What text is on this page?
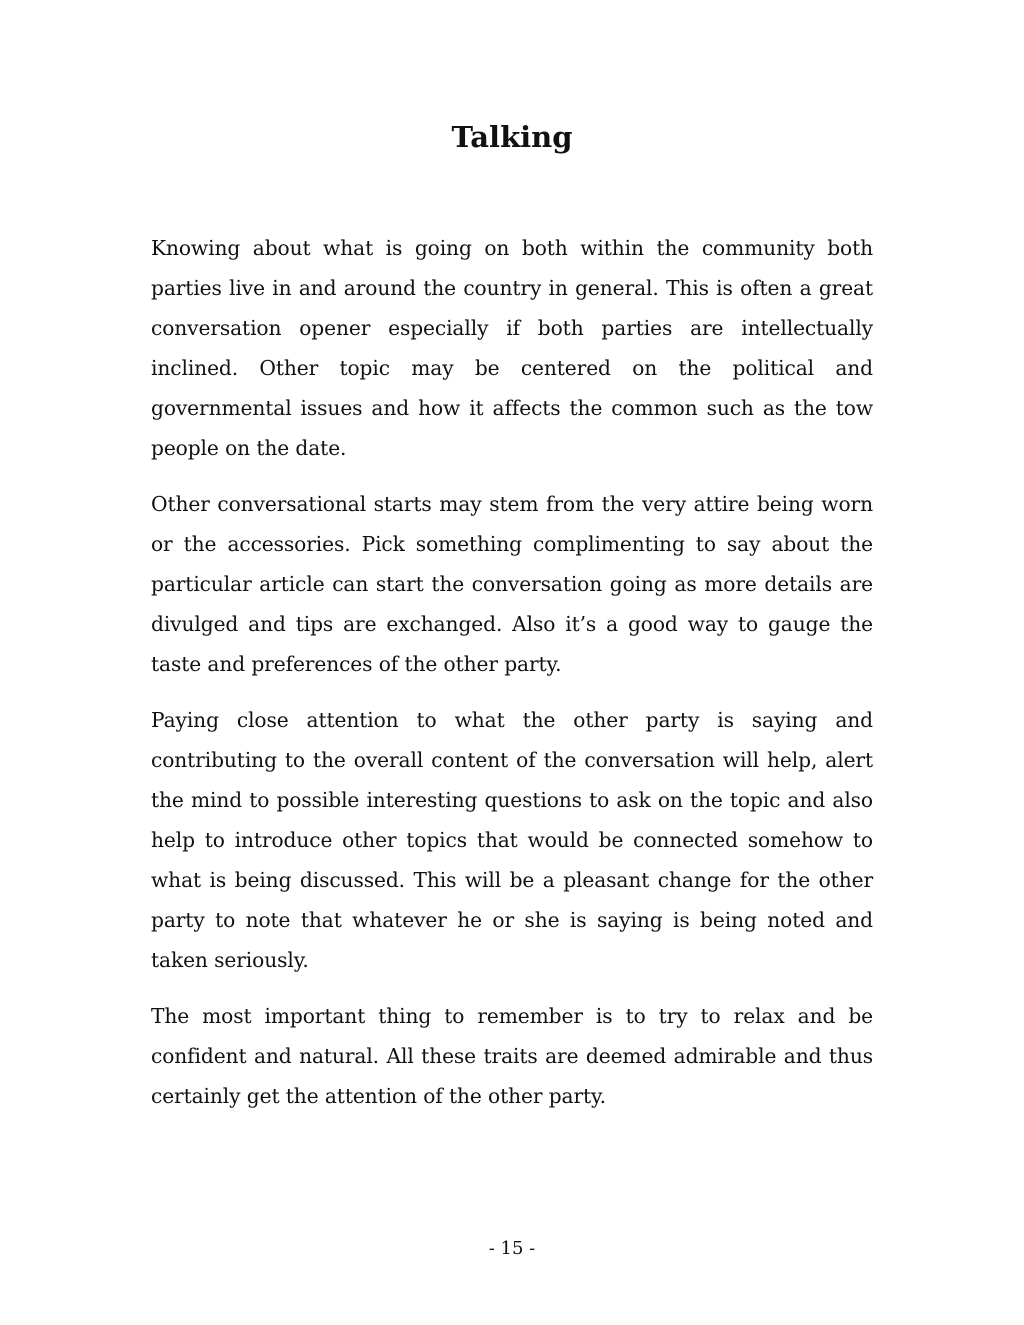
Talking

Knowing about what is going on both within the community both parties live in and around the country in general. This is often a great conversation opener especially if both parties are intellectually inclined. Other topic may be centered on the political and governmental issues and how it affects the common such as the tow people on the date.

Other conversational starts may stem from the very attire being worn or the accessories. Pick something complimenting to say about the particular article can start the conversation going as more details are divulged and tips are exchanged. Also it’s a good way to gauge the taste and preferences of the other party.

Paying close attention to what the other party is saying and contributing to the overall content of the conversation will help, alert the mind to possible interesting questions to ask on the topic and also help to introduce other topics that would be connected somehow to what is being discussed. This will be a pleasant change for the other party to note that whatever he or she is saying is being noted and taken seriously.

The most important thing to remember is to try to relax and be confident and natural. All these traits are deemed admirable and thus certainly get the attention of the other party.

- 15 -
